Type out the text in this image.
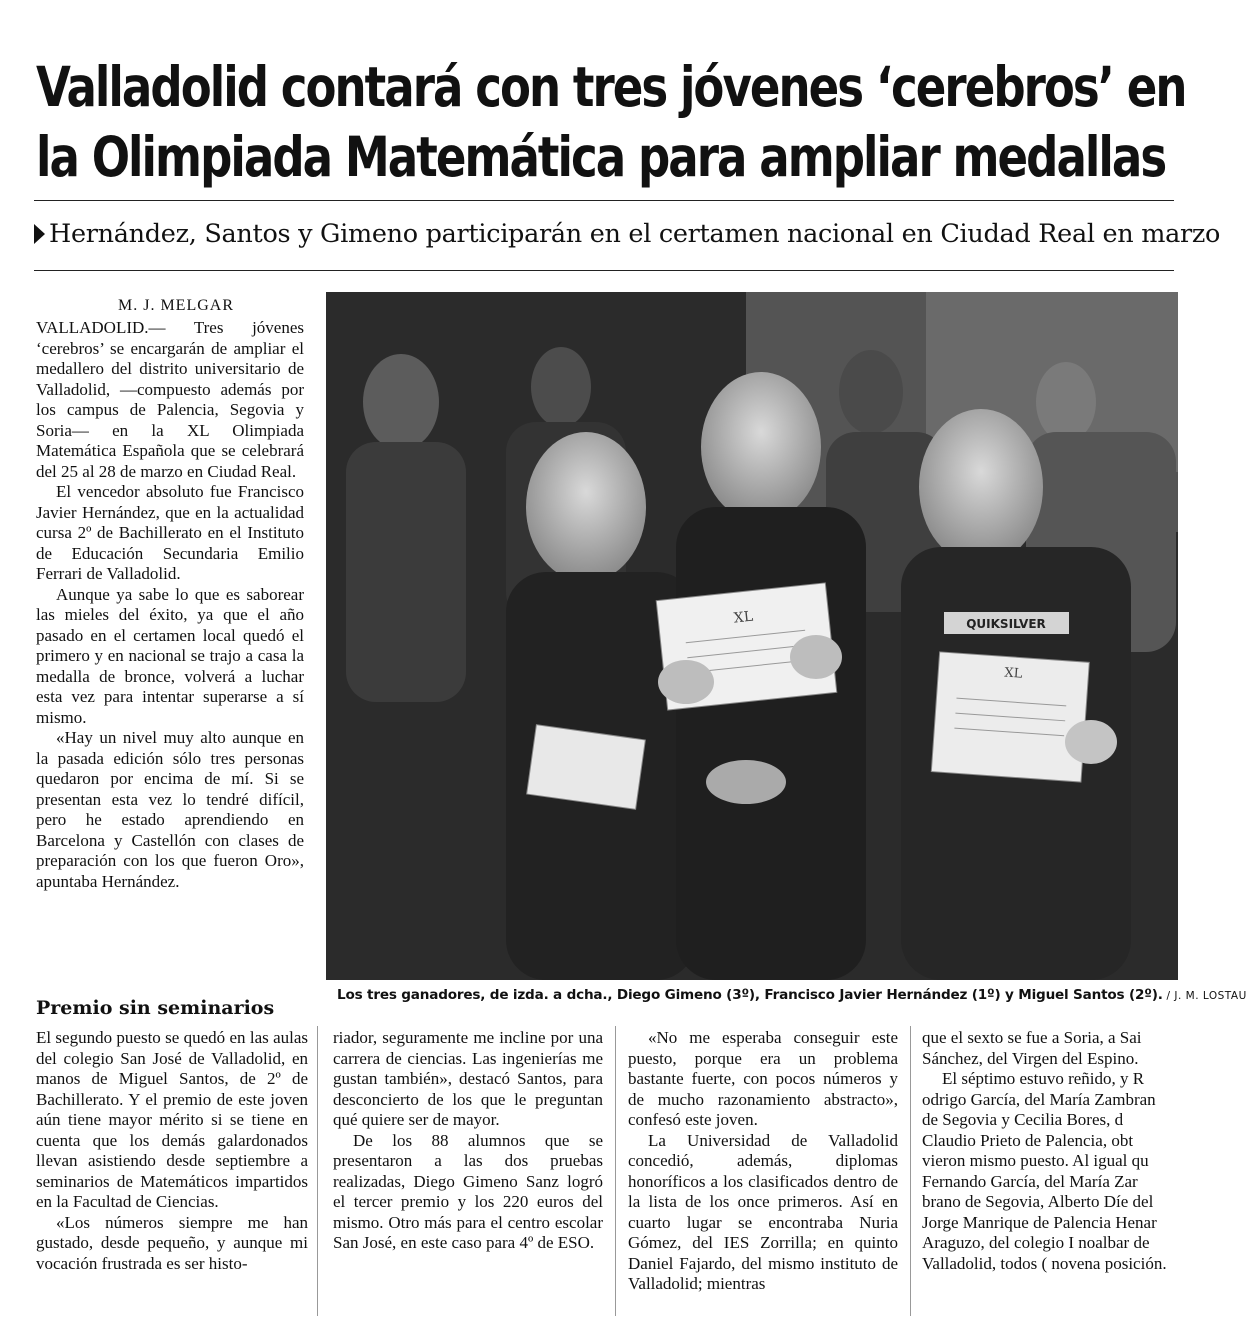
Valladolid contará con tres jóvenes ‘cerebros’ en
la Olimpiada Matemática para ampliar medallas
Hernández, Santos y Gimeno participarán en el certamen nacional en Ciudad Real en marzo
M. J. MELGAR

VALLADOLID.— Tres jóvenes ‘cerebros’ se encargarán de ampliar el medallero del distrito universitario de Valladolid, —compuesto además por los campus de Palencia, Segovia y Soria— en la XL Olimpiada Matemática Española que se celebrará del 25 al 28 de marzo en Ciudad Real.

El vencedor absoluto fue Francisco Javier Hernández, que en la actualidad cursa 2º de Bachillerato en el Instituto de Educación Secundaria Emilio Ferrari de Valladolid.

Aunque ya sabe lo que es saborear las mieles del éxito, ya que el año pasado en el certamen local quedó el primero y en nacional se trajo a casa la medalla de bronce, volverá a luchar esta vez para intentar superarse a sí mismo.

«Hay un nivel muy alto aunque en la pasada edición sólo tres personas quedaron por encima de mí. Si se presentan esta vez lo tendré difícil, pero he estado aprendiendo en Barcelona y Castellón con clases de preparación con los que fueron Oro», apuntaba Hernández.

QUIKSILVER
XL
XL
Los tres ganadores, de izda. a dcha., Diego Gimeno (3º), Francisco Javier Hernández (1º) y Miguel Santos (2º). / J. M. LOSTAU
Premio sin seminarios

El segundo puesto se quedó en las aulas del colegio San José de Valladolid, en manos de Miguel Santos, de 2º de Bachillerato. Y el premio de este joven aún tiene mayor mérito si se tiene en cuenta que los demás galardonados llevan asistiendo desde septiembre a seminarios de Matemáticos impartidos en la Facultad de Ciencias.

«Los números siempre me han gustado, desde pequeño, y aunque mi vocación frustrada es ser histo-

riador, seguramente me incline por una carrera de ciencias. Las ingenierías me gustan también», destacó Santos, para desconcierto de los que le preguntan qué quiere ser de mayor.

De los 88 alumnos que se presentaron a las dos pruebas realizadas, Diego Gimeno Sanz logró el tercer premio y los 220 euros del mismo. Otro más para el centro escolar San José, en este caso para 4º de ESO.

«No me esperaba conseguir este puesto, porque era un problema bastante fuerte, con pocos números y de mucho razonamiento abstracto», confesó este joven.

La Universidad de Valladolid concedió, además, diplomas honoríficos a los clasificados dentro de la lista de los once primeros. Así en cuarto lugar se encontraba Nuria Gómez, del IES Zorrilla; en quinto Daniel Fajardo, del mismo instituto de Valladolid; mientras

que el sexto se fue a Soria, a Sai Sánchez, del Virgen del Espino.

El séptimo estuvo reñido, y R odrigo García, del María Zambran de Segovia y Cecilia Bores, d Claudio Prieto de Palencia, obt vieron mismo puesto. Al igual qu Fernando García, del María Zar brano de Segovia, Alberto Díe del Jorge Manrique de Palencia Henar Araguzo, del colegio I noalbar de Valladolid, todos ( novena posición.
